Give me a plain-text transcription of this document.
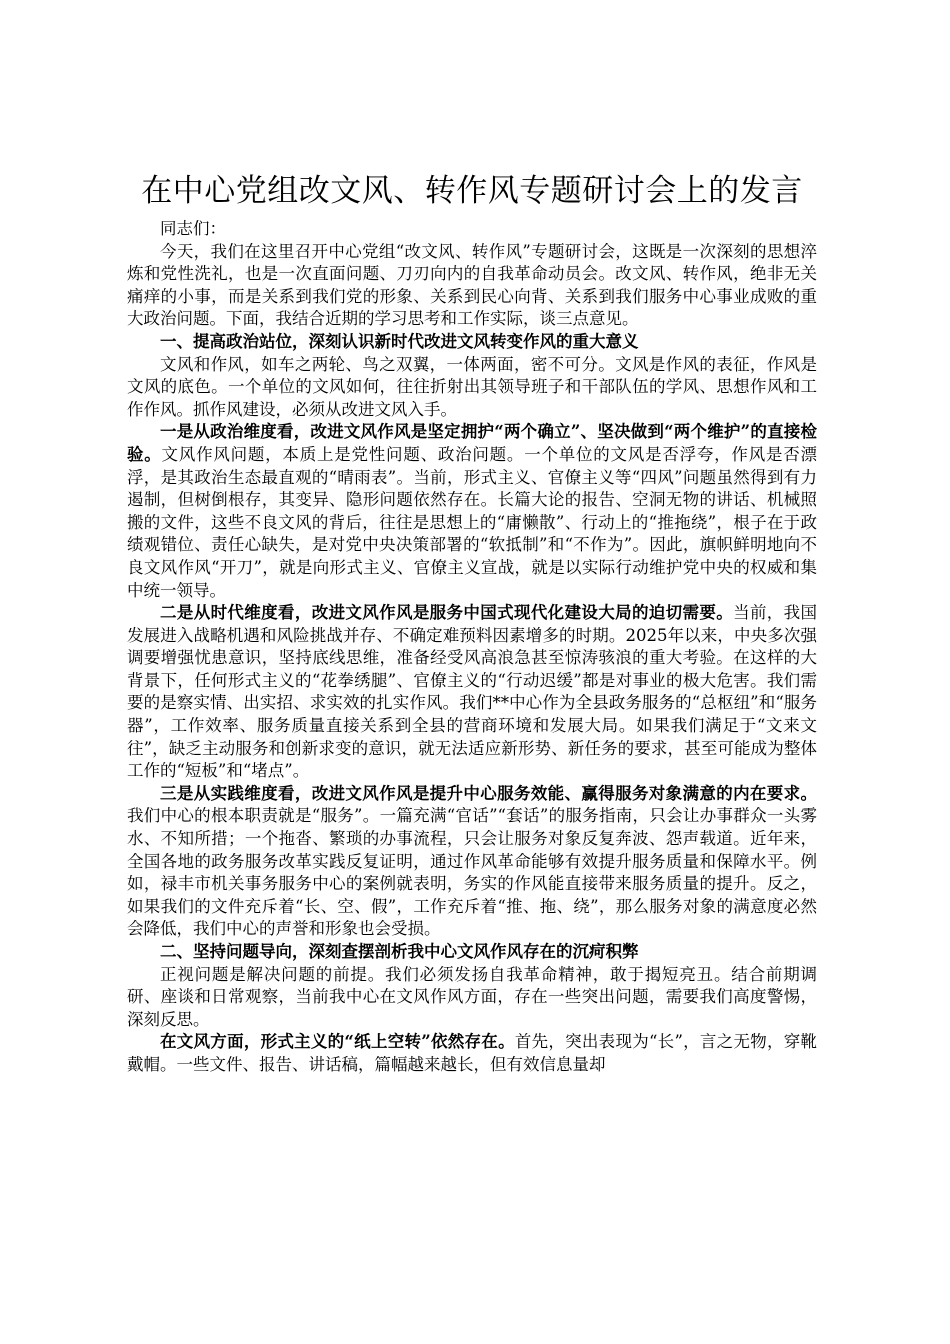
在中心党组改文风、转作风专题研讨会上的发言

同志们：

今天，我们在这里召开中心党组“改文风、转作风”专题研讨会，这既是一次深刻的思想淬炼和党性洗礼，也是一次直面问题、刀刃向内的自我革命动员会。改文风、转作风，绝非无关痛痒的小事，而是关系到我们党的形象、关系到民心向背、关系到我们服务中心事业成败的重大政治问题。下面，我结合近期的学习思考和工作实际，谈三点意见。

一、提高政治站位，深刻认识新时代改进文风转变作风的重大意义

文风和作风，如车之两轮、鸟之双翼，一体两面，密不可分。文风是作风的表征，作风是文风的底色。一个单位的文风如何，往往折射出其领导班子和干部队伍的学风、思想作风和工作作风。抓作风建设，必须从改进文风入手。

一是从政治维度看，改进文风作风是坚定拥护“两个确立”、坚决做到“两个维护”的直接检验。文风作风问题，本质上是党性问题、政治问题。一个单位的文风是否浮夸，作风是否漂浮，是其政治生态最直观的“晴雨表”。当前，形式主义、官僚主义等“四风”问题虽然得到有力遏制，但树倒根存，其变异、隐形问题依然存在。长篇大论的报告、空洞无物的讲话、机械照搬的文件，这些不良文风的背后，往往是思想上的“庸懒散”、行动上的“推拖绕”，根子在于政绩观错位、责任心缺失，是对党中央决策部署的“软抵制”和“不作为”。因此，旗帜鲜明地向不良文风作风“开刀”，就是向形式主义、官僚主义宣战，就是以实际行动维护党中央的权威和集中统一领导。

二是从时代维度看，改进文风作风是服务中国式现代化建设大局的迫切需要。当前，我国发展进入战略机遇和风险挑战并存、不确定难预料因素增多的时期。2025年以来，中央多次强调要增强忧患意识，坚持底线思维，准备经受风高浪急甚至惊涛骇浪的重大考验。在这样的大背景下，任何形式主义的“花拳绣腿”、官僚主义的“行动迟缓”都是对事业的极大危害。我们需要的是察实情、出实招、求实效的扎实作风。我们**中心作为全县政务服务的“总枢纽”和“服务器”，工作效率、服务质量直接关系到全县的营商环境和发展大局。如果我们满足于“文来文往”，缺乏主动服务和创新求变的意识，就无法适应新形势、新任务的要求，甚至可能成为整体工作的“短板”和“堵点”。

三是从实践维度看，改进文风作风是提升中心服务效能、赢得服务对象满意的内在要求。我们中心的根本职责就是“服务”。一篇充满“官话”“套话”的服务指南，只会让办事群众一头雾水、不知所措；一个拖沓、繁琐的办事流程，只会让服务对象反复奔波、怨声载道。近年来，全国各地的政务服务改革实践反复证明，通过作风革命能够有效提升服务质量和保障水平。例如，禄丰市机关事务服务中心的案例就表明，务实的作风能直接带来服务质量的提升。反之，如果我们的文件充斥着“长、空、假”，工作充斥着“推、拖、绕”，那么服务对象的满意度必然会降低，我们中心的声誉和形象也会受损。

二、坚持问题导向，深刻查摆剖析我中心文风作风存在的沉疴积弊

正视问题是解决问题的前提。我们必须发扬自我革命精神，敢于揭短亮丑。结合前期调研、座谈和日常观察，当前我中心在文风作风方面，存在一些突出问题，需要我们高度警惕，深刻反思。

在文风方面，形式主义的“纸上空转”依然存在。首先，突出表现为“长”，言之无物，穿靴戴帽。一些文件、报告、讲话稿，篇幅越来越长，但有效信息量却
